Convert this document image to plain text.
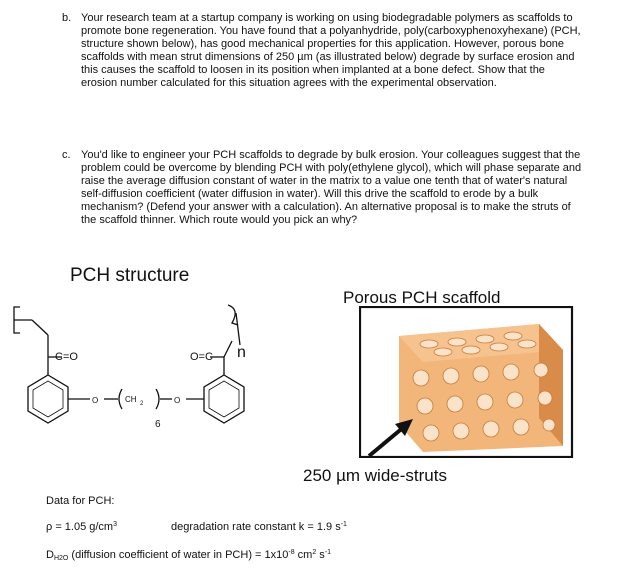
b. Your research team at a startup company is working on using biodegradable polymers as scaffolds to promote bone regeneration. You have found that a polyanhydride, poly(carboxyphenoxyhexane) (PCH, structure shown below), has good mechanical properties for this application. However, porous bone scaffolds with mean strut dimensions of 250 µm (as illustrated below) degrade by surface erosion and this causes the scaffold to loosen in its position when implanted at a bone defect. Show that the erosion number calculated for this situation agrees with the experimental observation.
c. You'd like to engineer your PCH scaffolds to degrade by bulk erosion. Your colleagues suggest that the problem could be overcome by blending PCH with poly(ethylene glycol), which will phase separate and raise the average diffusion constant of water in the matrix to a value one tenth that of water's natural self-diffusion coefficient (water diffusion in water). Will this drive the scaffold to erode by a bulk mechanism? (Defend your answer with a calculation). An alternative proposal is to make the struts of the scaffold thinner. Which route would you pick an why?
PCH structure
Porous PCH scaffold
C=O	O=C n
O	O
CH 2
6
250 µm wide-struts
Data for PCH:
ρ = 1.05 $g/cm^3$	degradation rate constant k = 1.9 $s^{-1}$
$D_{H2O}$ (diffusion coefficient of water in $PCH) = 1x10^{-8}$ $cm^2$ $s^{-1}$
